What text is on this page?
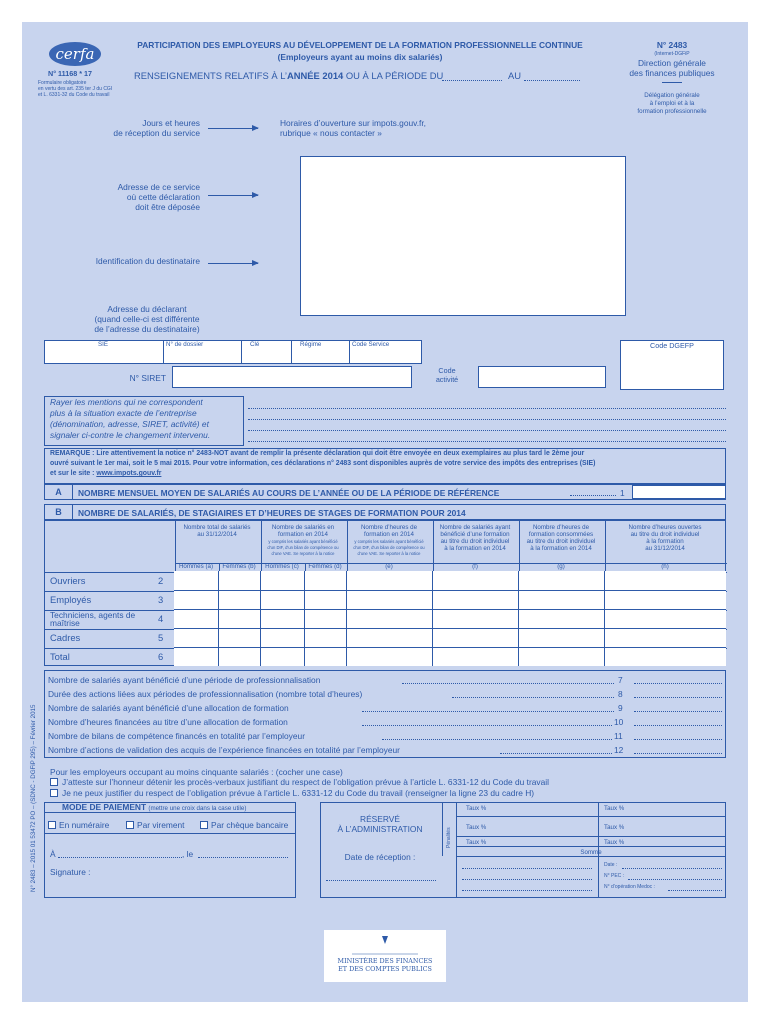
cerfa
N° 11168 * 17
Formulaire obligatoire
en vertu des art. 235 ter J du CGI
et L. 6331-32 du Code du travail
PARTICIPATION DES EMPLOYEURS AU DÉVELOPPEMENT DE LA FORMATION PROFESSIONNELLE CONTINUE
(Employeurs ayant au moins dix salariés)
RENSEIGNEMENTS RELATIFS À L’ANNÉE 2014 OU À LA PÉRIODE DU	AU
N° 2483
(Internet-DGFiP
Direction générale
des finances publiques
Délégation générale
à l’emploi et à la
formation professionnelle
Jours et heures
de réception du service
Horaires d’ouverture sur impots.gouv.fr,
rubrique « nous contacter »
Adresse de ce service
où cette déclaration
doit être déposée
Identification du destinataire
Adresse du déclarant
(quand celle-ci est différente
de l’adresse du destinataire)
SIE	N° de dossier	Clé	Régime	Code Service	Code DGEFP
N° SIRET
Code
activité
Rayer les mentions qui ne correspondent
plus à la situation exacte de l’entreprise
(dénomination, adresse, SIRET, activité) et
signaler ci-contre le changement intervenu.
REMARQUE : Lire attentivement la notice n° 2483-NOT avant de remplir la présente déclaration qui doit être envoyée en deux exemplaires au plus tard le 2ème jour
ouvré suivant le 1er mai, soit le 5 mai 2015. Pour votre information, ces déclarations n° 2483 sont disponibles auprès de votre service des impôts des entreprises (SIE)
et sur le site : www.impots.gouv.fr
A	NOMBRE MENSUEL MOYEN DE SALARIÉS AU COURS DE L’ANNÉE OU DE LA PÉRIODE DE RÉFÉRENCE	1
B	NOMBRE DE SALARIÉS, DE STAGIAIRES ET D’HEURES DE STAGES DE FORMATION POUR 2014
Nombre total de salariés
au 31/12/2014
Nombre de salariés en
formation en 2014
y compris les salariés ayant bénéficié
d’un DIF, d’un bilan de compétence ou
d’une VAE. Se reporter à la notice
Nombre d’heures de
formation en 2014
y compris les salariés ayant bénéficié
d’un DIF, d’un bilan de compétence ou
d’une VAE. Se reporter à la notice
Nombre de salariés ayant
bénéficié d’une formation
au titre du droit individuel
à la formation en 2014
Nombre d’heures de
formation consommées
au titre du droit individuel
à la formation en 2014
Nombre d’heures ouvertes
au titre du droit individuel
à la formation
au 31/12/2014
Hommes (a)	Femmes (b)	Hommes (c)	Femmes (d)	(e)	(f)	(g)	(h)
Ouvriers	2
Employés	3
Techniciens, agents de maîtrise	4
Cadres	5
Total	6
Nombre de salariés ayant bénéficié d’une période de professionnalisation	7
Durée des actions liées aux périodes de professionnalisation (nombre total d’heures)	8
Nombre de salariés ayant bénéficié d’une allocation de formation	9
Nombre d’heures financées au titre d’une allocation de formation	10
Nombre de bilans de compétence financés en totalité par l’employeur	11
Nombre d’actions de validation des acquis de l’expérience financées en totalité par l’employeur	12
Pour les employeurs occupant au moins cinquante salariés : (cocher une case)
J’atteste sur l’honneur détenir les procès-verbaux justifiant du respect de l’obligation prévue à l’article L. 6331-12 du Code du travail
Je ne peux justifier du respect de l’obligation prévue à l’article L. 6331-12 du Code du travail (renseigner la ligne 23 du cadre H)
MODE DE PAIEMENT (mettre une croix dans la case utile)
En numéraire	Par virement	Par chèque bancaire
À	, le
Signature :
RÉSERVÉ
À L’ADMINISTRATION
Date de réception :
Pénalités
Taux %	Taux %
Taux %	Taux %
Taux %	Taux %
Somme
Date :
N° PEC :
N° d’opération Medoc :
N° 2483 – 2015 01 53472 PO – (SDNC - DGFiP 295) – Février 2015
MINISTÈRE DES FINANCES
ET DES COMPTES PUBLICS
